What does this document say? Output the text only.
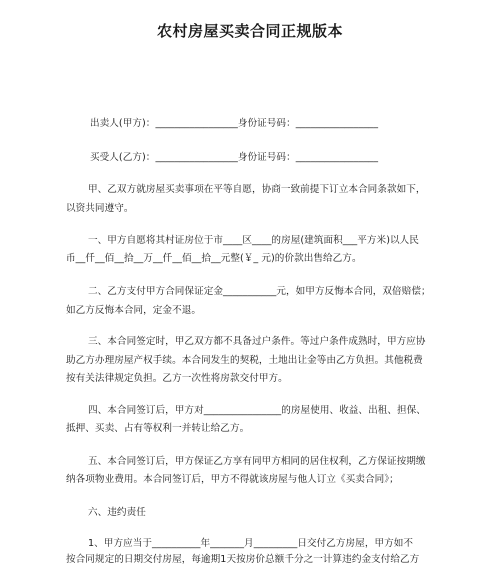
农村房屋买卖合同正规版本
出卖人(甲方)：_________________身份证号码：_________________
买受人(乙方)：_________________身份证号码：_________________
甲、乙双方就房屋买卖事项在平等自愿，协商一致前提下订立本合同条款如下，
以资共同遵守。
一、甲方自愿将其村证房位于市____区____的房屋(建筑面积___平方米)以人民
币__仟__佰__拾__万__仟__佰__拾__元整(￥_ 元)的价款出售给乙方。
二、乙方支付甲方合同保证定金___________元，如甲方反悔本合同，双倍赔偿；
如乙方反悔本合同，定金不退。
三、本合同签定时，甲乙双方都不具备过户条件。等过户条件成熟时，甲方应协
助乙方办理房屋产权手续。本合同发生的契税，土地出让金等由乙方负担。其他税费
按有关法律规定负担。乙方一次性将房款交付甲方。
四、本合同签订后，甲方对________________的房屋使用、收益、出租、担保、
抵押、买卖、占有等权利一并转让给乙方。
五、本合同签订后，甲方保证乙方享有同甲方相同的居住权利，乙方保证按期缴
纳各项物业费用。本合同签订后，甲方不得就该房屋与他人订立《买卖合同》；
六、违约责任
1、甲方应当于__________年_______月_________日交付乙方房屋，甲方如不
按合同规定的日期交付房屋，每逾期1天按房价总额千分之一计算违约金支付给乙方
